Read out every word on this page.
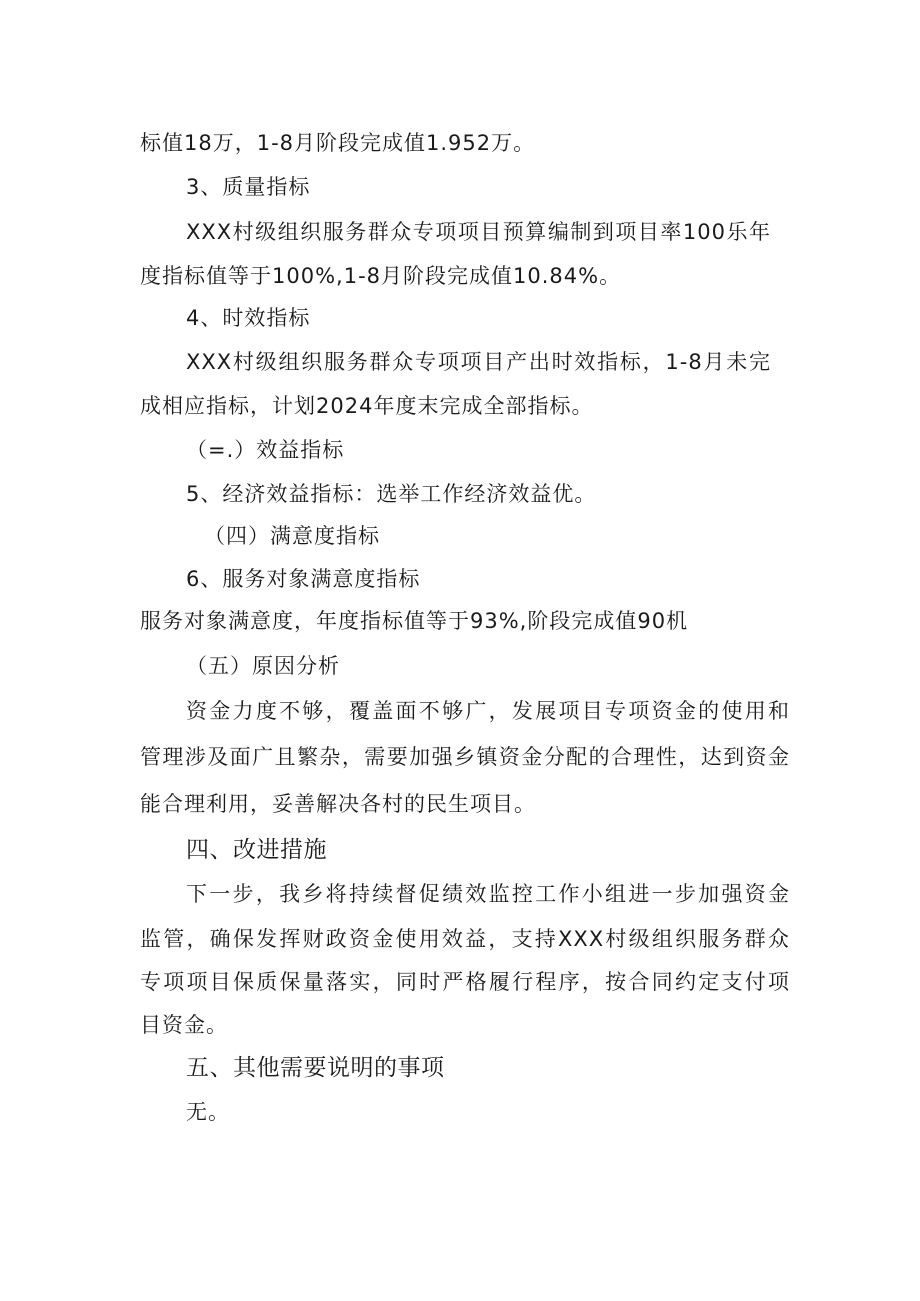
标值18万，1-8月阶段完成值1.952万。
3、质量指标
XXX村级组织服务群众专项项目预算编制到项目率100乐年
度指标值等于100%,1-8月阶段完成值10.84%。
4、时效指标
XXX村级组织服务群众专项项目产出时效指标，1-8月未完
成相应指标，计划2024年度末完成全部指标。
（=.）效益指标
5、经济效益指标：选举工作经济效益优。
（四）满意度指标
6、服务对象满意度指标
服务对象满意度，年度指标值等于93%,阶段完成值90机
（五）原因分析
资金力度不够，覆盖面不够广，发展项目专项资金的使用和
管理涉及面广且繁杂，需要加强乡镇资金分配的合理性，达到资金
能合理利用，妥善解决各村的民生项目。
四、改进措施
下一步，我乡将持续督促绩效监控工作小组进一步加强资金
监管，确保发挥财政资金使用效益，支持XXX村级组织服务群众
专项项目保质保量落实，同时严格履行程序，按合同约定支付项
目资金。
五、其他需要说明的事项
无。
